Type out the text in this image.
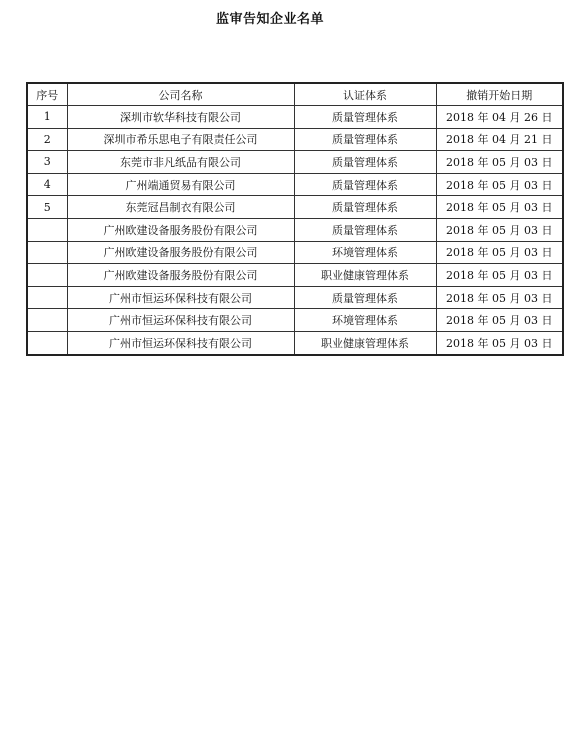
监审告知企业名单
序号	公司名称	认证体系	撤销开始日期
1	深圳市软华科技有限公司	质量管理体系	2018 年 04 月 26 日
2	深圳市希乐思电子有限责任公司	质量管理体系	2018 年 04 月 21 日
3	东莞市非凡纸品有限公司	质量管理体系	2018 年 05 月 03 日
4	广州端通贸易有限公司	质量管理体系	2018 年 05 月 03 日
5	东莞冠昌制衣有限公司	质量管理体系	2018 年 05 月 03 日
	广州欧建设备服务股份有限公司	质量管理体系	2018 年 05 月 03 日
	广州欧建设备服务股份有限公司	环境管理体系	2018 年 05 月 03 日
	广州欧建设备服务股份有限公司	职业健康管理体系	2018 年 05 月 03 日
	广州市恒运环保科技有限公司	质量管理体系	2018 年 05 月 03 日
	广州市恒运环保科技有限公司	环境管理体系	2018 年 05 月 03 日
	广州市恒运环保科技有限公司	职业健康管理体系	2018 年 05 月 03 日
